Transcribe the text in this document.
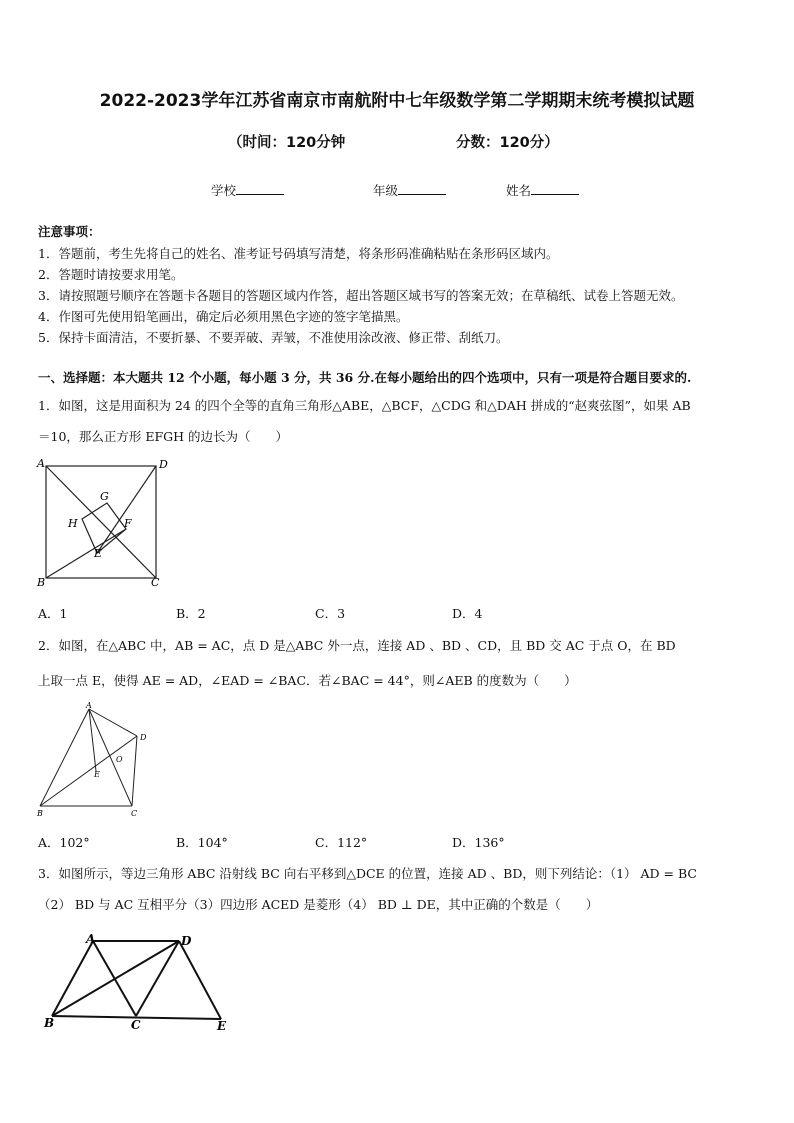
2022-2023学年江苏省南京市南航附中七年级数学第二学期期末统考模拟试题
（时间：120分钟	分数：120分）
学校	年级	姓名
注意事项：
1．答题前，考生先将自己的姓名、准考证号码填写清楚，将条形码准确粘贴在条形码区域内。
2．答题时请按要求用笔。
3．请按照题号顺序在答题卡各题目的答题区域内作答，超出答题区域书写的答案无效；在草稿纸、试卷上答题无效。
4．作图可先使用铅笔画出，确定后必须用黑色字迹的签字笔描黑。
5．保持卡面清洁，不要折暴、不要弄破、弄皱，不准使用涂改液、修正带、刮纸刀。
一、选择题：本大题共 12 个小题，每小题 3 分，共 36 分.在每小题给出的四个选项中，只有一项是符合题目要求的.
1．如图，这是用面积为 24 的四个全等的直角三角形△ABE，△BCF，△CDG 和△DAH 拼成的“赵爽弦图”，如果 AB
＝10，那么正方形 EFGH 的边长为（　　）
A	D
G
H	F
E
B	C
A．1	B．2	C．3	D．4
2．如图，在△ABC 中，AB = AC，点 D 是△ABC 外一点，连接 AD 、BD 、CD，且 BD 交 AC 于点 O，在 BD
上取一点 E，使得 AE = AD，∠EAD = ∠BAC．若∠BAC = 44°，则∠AEB 的度数为（　　）
A
D
O
E
B	C
A．102°	B．104°	C．112°	D．136°
3．如图所示，等边三角形 ABC 沿射线 BC 向右平移到△DCE 的位置，连接 AD 、BD，则下列结论：（1） AD = BC
（2） BD 与 AC 互相平分（3）四边形 ACED 是菱形（4） BD ⊥ DE，其中正确的个数是（　　）
A	D
B	C	E
